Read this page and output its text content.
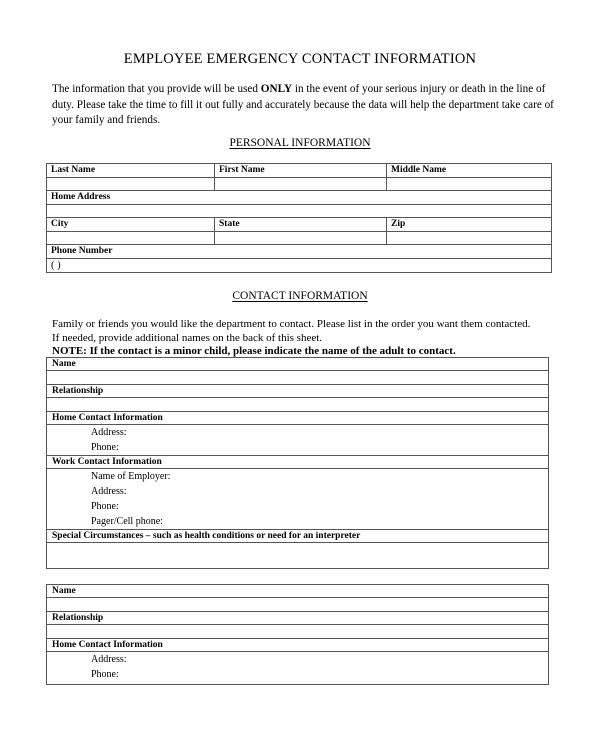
EMPLOYEE EMERGENCY CONTACT INFORMATION
The information that you provide will be used ONLY in the event of your serious injury or death in the line of duty. Please take the time to fill it out fully and accurately because the data will help the department take care of your family and friends.
PERSONAL INFORMATION
Last Name	First Name	Middle Name

Home Address		

City	State	Zip

Phone Number		
( )		
CONTACT INFORMATION
Family or friends you would like the department to contact. Please list in the order you want them contacted.
If needed, provide additional names on the back of this sheet.
NOTE: If the contact is a minor child, please indicate the name of the adult to contact.
Name
Relationship
Home Contact Information
Address:
Phone:
Work Contact Information
Name of Employer:
Address:
Phone:
Pager/Cell phone:
Special Circumstances – such as health conditions or need for an interpreter
Name
Relationship
Home Contact Information
Address:
Phone:
